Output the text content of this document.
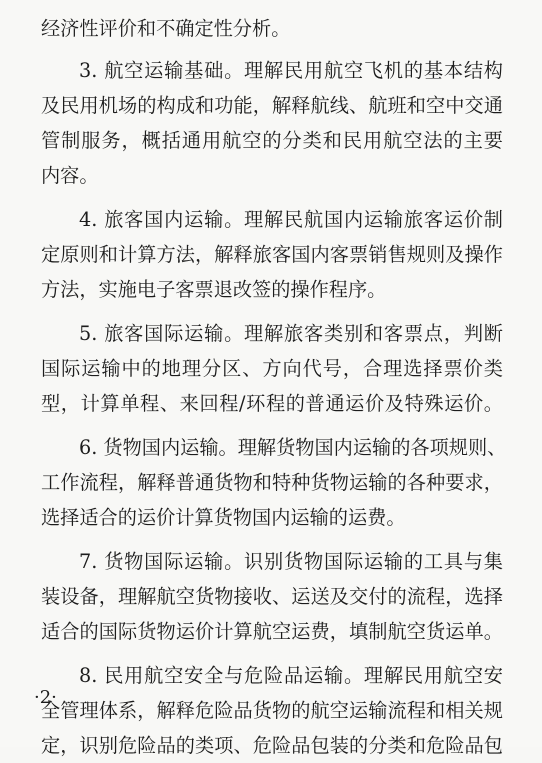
经济性评价和不确定性分析。
3. 航空运输基础。理解民用航空飞机的基本结构
及民用机场的构成和功能，解释航线、航班和空中交通
管制服务，概括通用航空的分类和民用航空法的主要
内容。
4. 旅客国内运输。理解民航国内运输旅客运价制
定原则和计算方法，解释旅客国内客票销售规则及操作
方法，实施电子客票退改签的操作程序。
5. 旅客国际运输。理解旅客类别和客票点，判断
国际运输中的地理分区、方向代号，合理选择票价类
型，计算单程、来回程/环程的普通运价及特殊运价。
6. 货物国内运输。理解货物国内运输的各项规则、
工作流程，解释普通货物和特种货物运输的各种要求，
选择适合的运价计算货物国内运输的运费。
7. 货物国际运输。识别货物国际运输的工具与集
装设备，理解航空货物接收、运送及交付的流程，选择
适合的国际货物运价计算航空运费，填制航空货运单。
8. 民用航空安全与危险品运输。理解民用航空安
全管理体系，解释危险品货物的航空运输流程和相关规
定，识别危险品的类项、危险品包装的分类和危险品包
·2·
